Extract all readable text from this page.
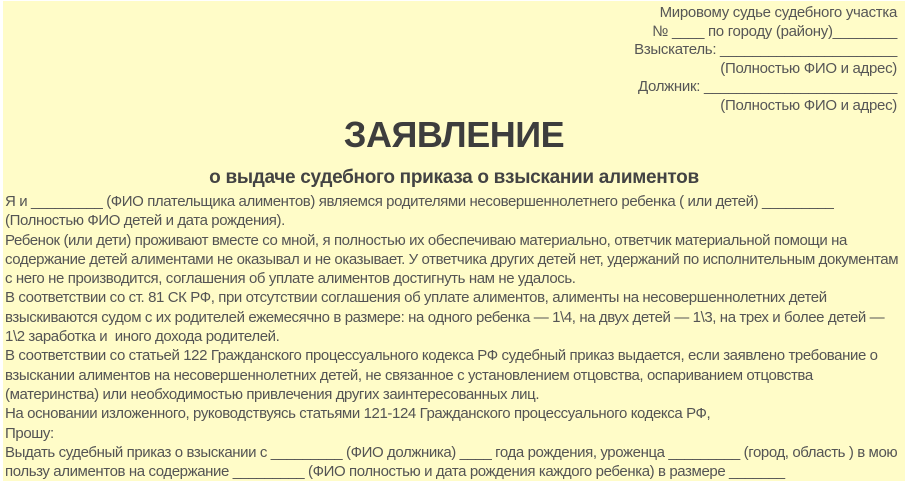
Мировому судье судебного участка
№ ____ по городу (району)________
Взыскатель: ______________________
(Полностью ФИО и адрес)
Должник: ________________________
(Полностью ФИО и адрес)
ЗАЯВЛЕНИЕ
о выдаче судебного приказа о взыскании алиментов

Я и _________ (ФИО плательщика алиментов) являемся родителями несовершеннолетнего ребенка ( или детей) _________ (Полностью ФИО детей и дата рождения).

Ребенок (или дети) проживают вместе со мной, я полностью их обеспечиваю материально, ответчик материальной помощи на содержание детей алиментами не оказывал и не оказывает. У ответчика других детей нет, удержаний по исполнительным документам с него не производится, соглашения об уплате алиментов достигнуть нам не удалось.

В соответствии со ст. 81 СК РФ, при отсутствии соглашения об уплате алиментов, алименты на несовершеннолетних детей взыскиваются судом с их родителей ежемесячно в размере: на одного ребенка — 1\4, на двух детей — 1\3, на трех и более детей — 1\2 заработка и  иного дохода родителей.

В соответствии со статьей 122 Гражданского процессуального кодекса РФ судебный приказ выдается, если заявлено требование о взыскании алиментов на несовершеннолетних детей, не связанное с установлением отцовства, оспариванием отцовства (материнства) или необходимостью привлечения других заинтересованных лиц.

На основании изложенного, руководствуясь статьями 121-124 Гражданского процессуального кодекса РФ,

Прошу:

Выдать судебный приказ о взыскании с _________ (ФИО должника) ____ года рождения, уроженца _________ (город, область ) в мою пользу алиментов на содержание _________ (ФИО полностью и дата рождения каждого ребенка) в размере _______
